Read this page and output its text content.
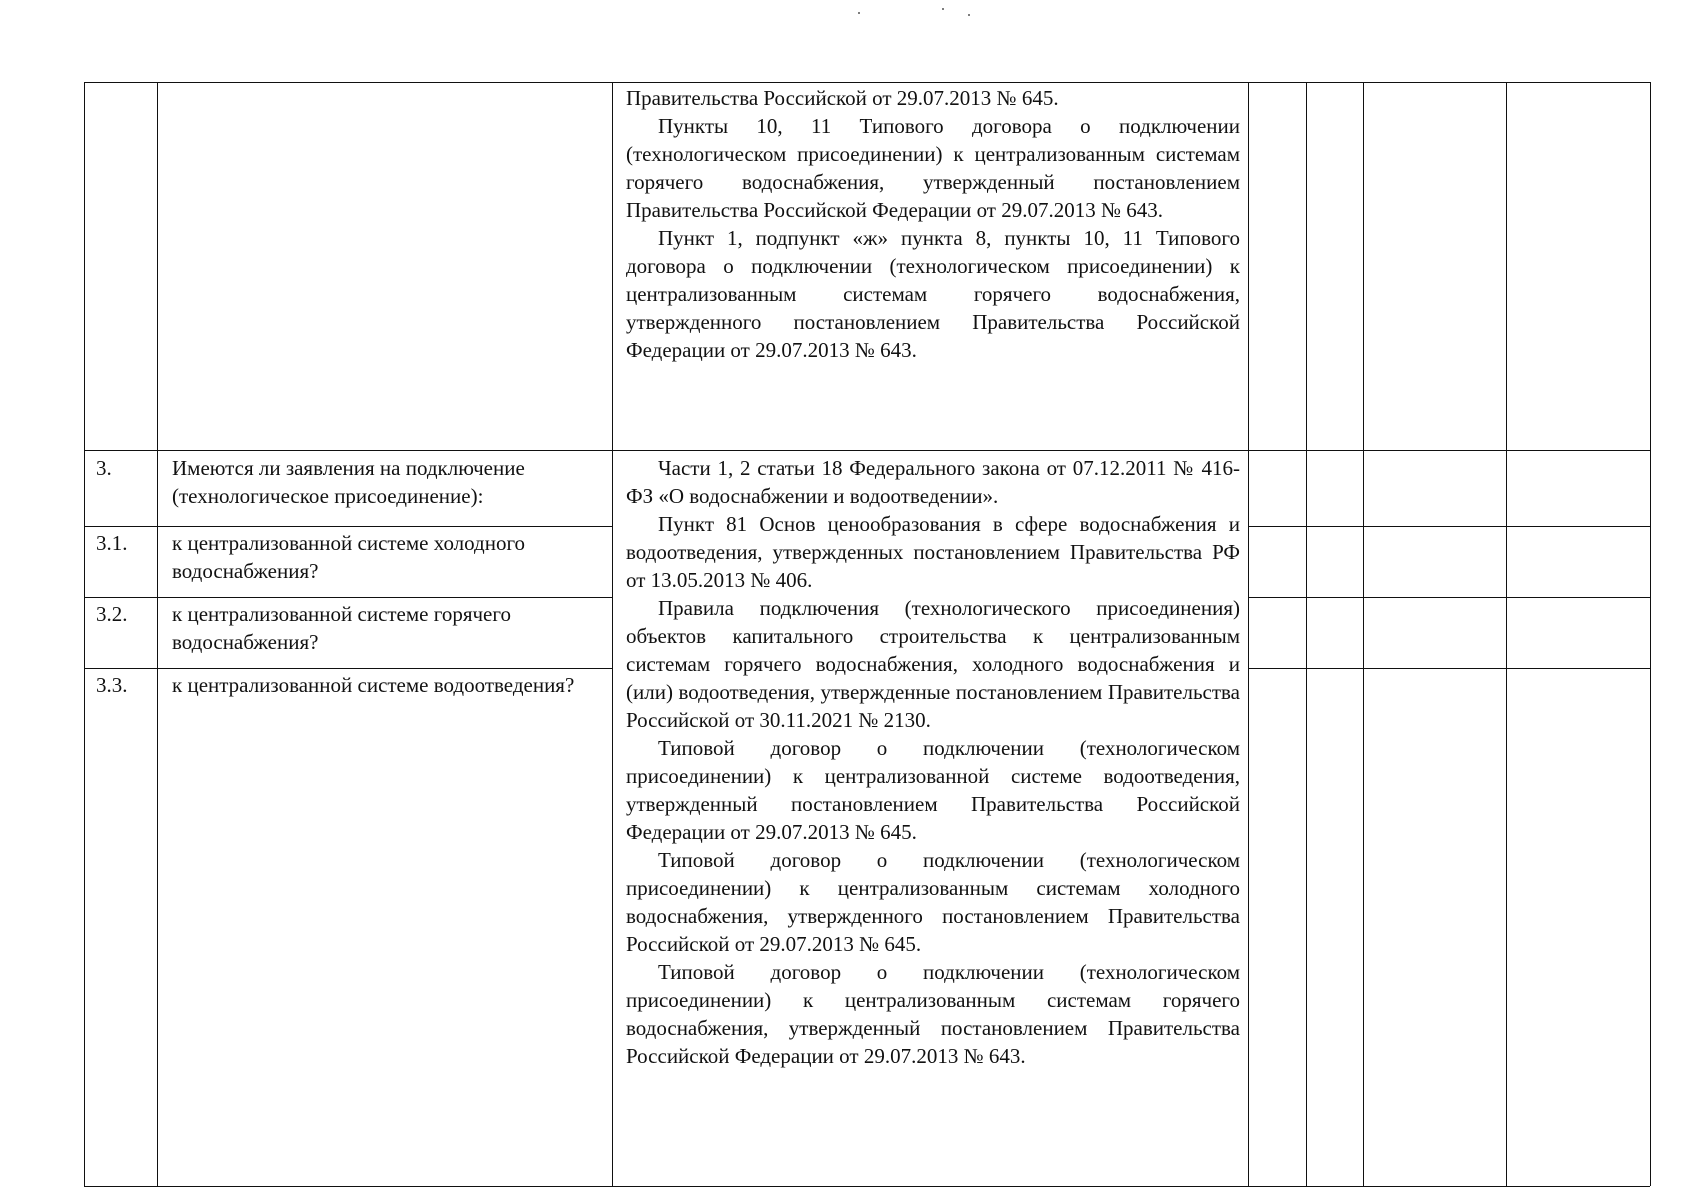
Правительства Российской от 29.07.2013 № 645.

Пункты 10, 11 Типового договора о подключении (технологическом присоединении) к централизованным системам горячего водоснабжения, утвержденный постановлением Правительства Российской Федерации от 29.07.2013 № 643.

Пункт 1, подпункт «ж» пункта 8, пункты 10, 11 Типового договора о подключении (технологическом присоединении) к централизованным системам горячего водоснабжения, утвержденного постановлением Правительства Российской Федерации от 29.07.2013 № 643.

3.
3.1.
3.2.
3.3.
Имеются ли заявления на подключение (технологическое присоединение):
к централизованной системе холодного водоснабжения?
к централизованной системе горячего водоснабжения?
к централизованной системе водоотведения?

Части 1, 2 статьи 18 Федерального закона от 07.12.2011 № 416-ФЗ «О водоснабжении и водоотведении».

Пункт 81 Основ ценообразования в сфере водоснабжения и водоотведения, утвержденных постановлением Правительства РФ от 13.05.2013 № 406.

Правила подключения (технологического присоединения) объектов капитального строительства к централизованным системам горячего водоснабжения, холодного водоснабжения и (или) водоотведения, утвержденные постановлением Правительства Российской от 30.11.2021 № 2130.

Типовой договор о подключении (технологическом присоединении) к централизованной системе водоотведения, утвержденный постановлением Правительства Российской Федерации от 29.07.2013 № 645.

Типовой договор о подключении (технологическом присоединении) к централизованным системам холодного водоснабжения, утвержденного постановлением Правительства Российской от 29.07.2013 № 645.

Типовой договор о подключении (технологическом присоединении) к централизованным системам горячего водоснабжения, утвержденный постановлением Правительства Российской Федерации от 29.07.2013 № 643.
